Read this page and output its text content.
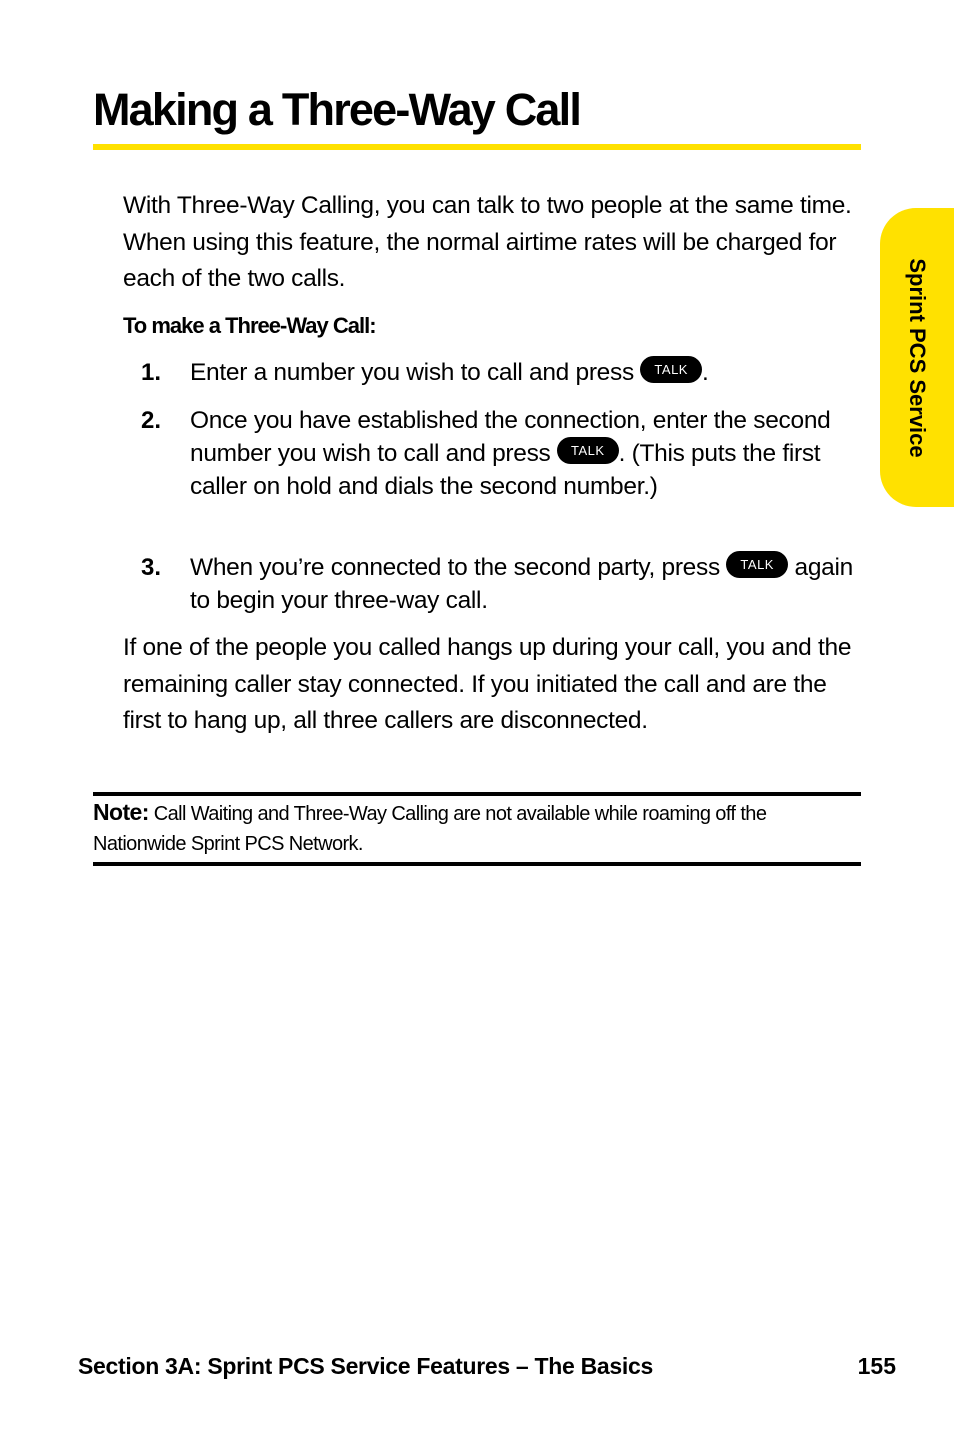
Making a Three-Way Call

With Three-Way Calling, you can talk to two people at the same time. When using this feature, the normal airtime rates will be charged for each of the two calls.

To make a Three-Way Call:

1. Enter a number you wish to call and press TALK .
2. Once you have established the connection, enter the second number you wish to call and press TALK . (This puts the first caller on hold and dials the second number.)
3. When you’re connected to the second party, press TALK again to begin your three-way call.

If one of the people you called hangs up during your call, you and the remaining caller stay connected. If you initiated the call and are the first to hang up, all three callers are disconnected.

Note: Call Waiting and Three-Way Calling are not available while roaming off the Nationwide Sprint PCS Network.

Sprint PCS Service

Section 3A: Sprint PCS Service Features – The Basics	155
